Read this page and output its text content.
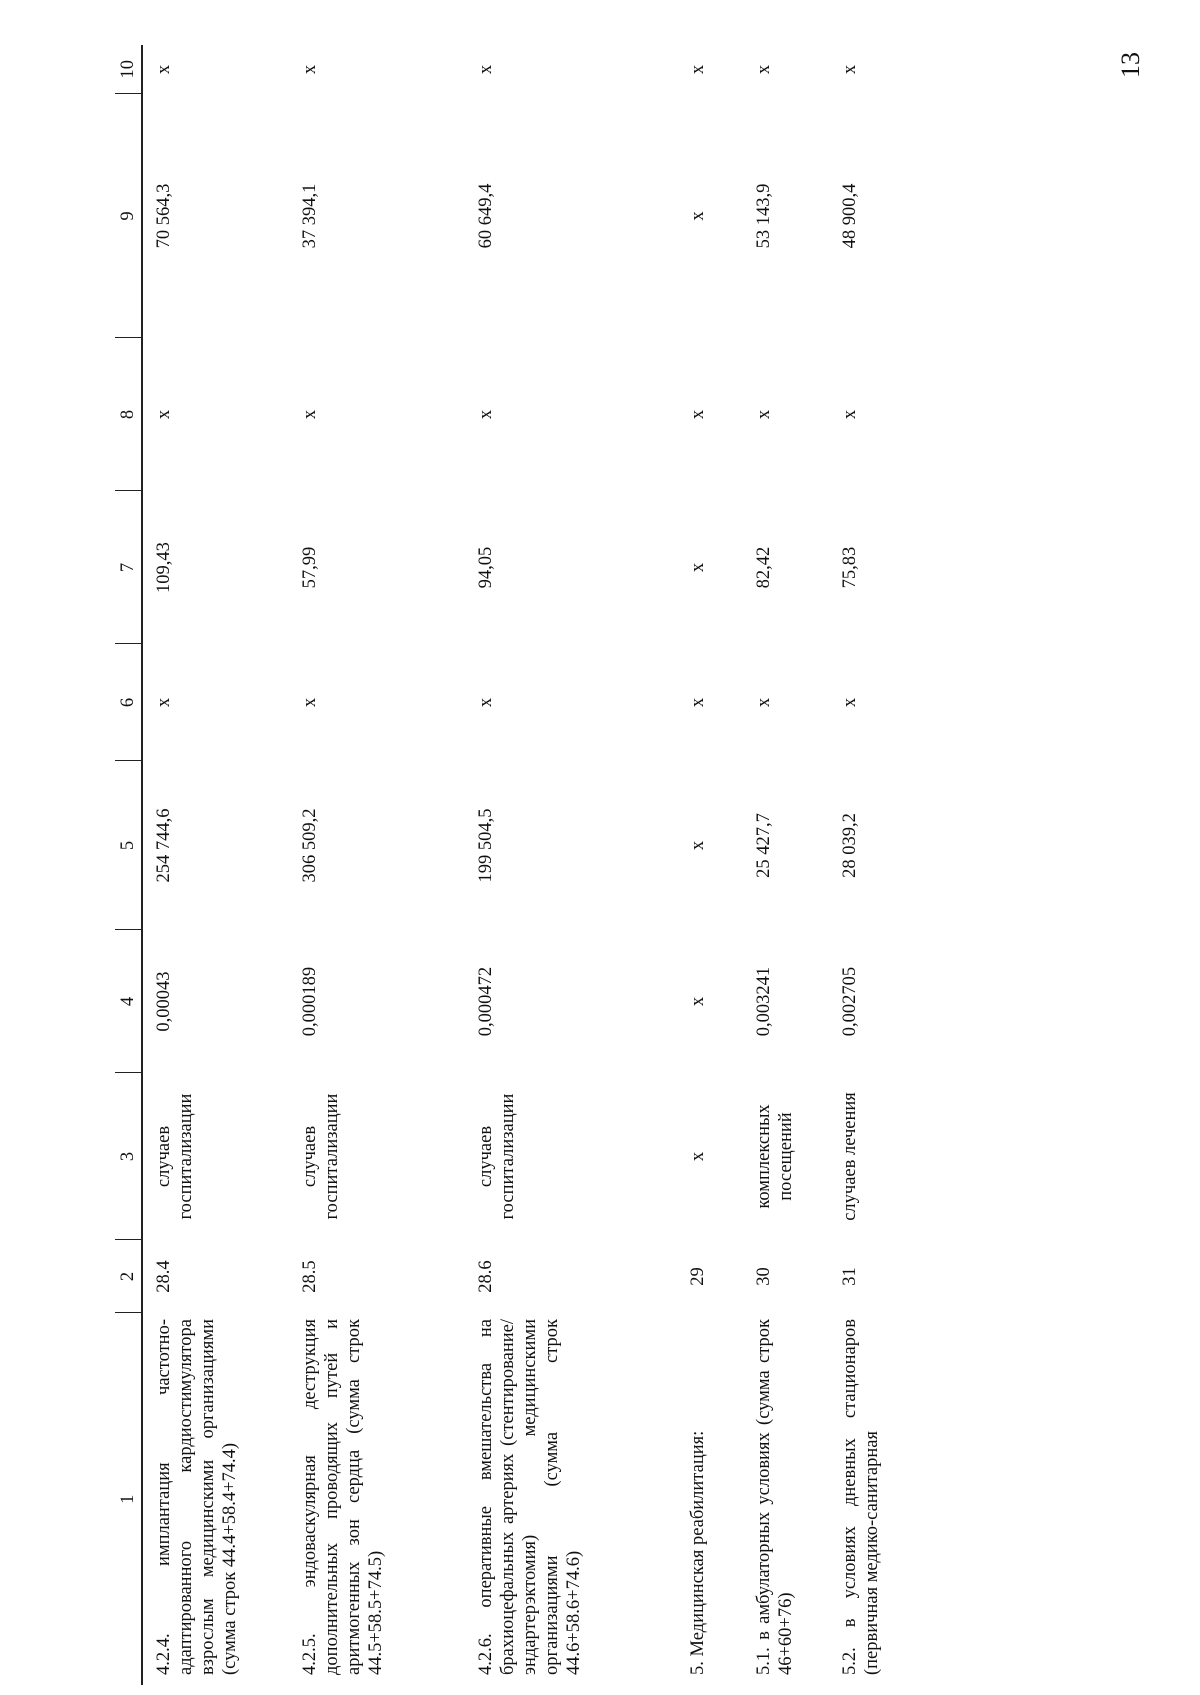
13
1	2	3	4	5	6	7	8	9	10
4.2.4. имплантация частотно-адаптированного кардиостимулятора взрослым медицинскими организациями (сумма строк 44.4+58.4+74.4)	28.4	случаев госпитализации	0,00043	254 744,6	х	109,43	х	70 564,3	х
4.2.5. эндоваскулярная деструкция дополнительных проводящих путей и аритмогенных зон сердца (сумма строк 44.5+58.5+74.5)	28.5	случаев госпитализации	0,000189	306 509,2	х	57,99	х	37 394,1	х
4.2.6. оперативные вмешательства на брахиоцефальных артериях (стентирование/ эндартерэктомия) медицинскими организациями (сумма строк 44.6+58.6+74.6)	28.6	случаев госпитализации	0,000472	199 504,5	х	94,05	х	60 649,4	х
5. Медицинская реабилитация:	29	х	х	х	х	х	х	х	х
5.1. в амбулаторных условиях (сумма строк 46+60+76)	30	комплексных посещений	0,003241	25 427,7	х	82,42	х	53 143,9	х
5.2. в условиях дневных стационаров (первичная медико-санитарная	31	случаев лечения	0,002705	28 039,2	х	75,83	х	48 900,4	х
